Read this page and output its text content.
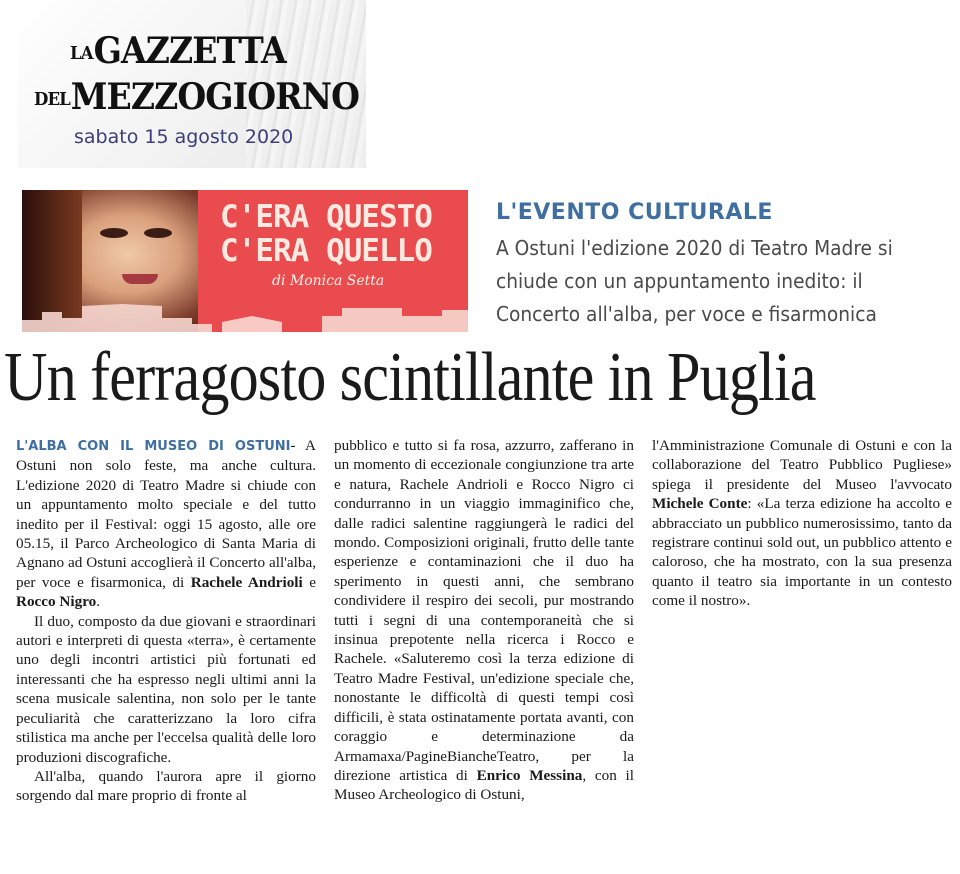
LAGAZZETTA
DELMEZZOGIORNO
sabato 15 agosto 2020
C'ERA QUESTO
C'ERA QUELLO
di Monica Setta
L'EVENTO CULTURALE
A Ostuni l'edizione 2020 di Teatro Madre si chiude con un appuntamento inedito: il Concerto all'alba, per voce e fisarmonica
Un ferragosto scintillante in Puglia

L'ALBA CON IL MUSEO DI OSTUNI- A Ostuni non solo feste, ma anche cultura. L'edizione 2020 di Teatro Madre si chiude con un appuntamento molto speciale e del tutto inedito per il Festival: oggi 15 agosto, alle ore 05.15, il Parco Archeologico di Santa Maria di Agnano ad Ostuni accoglierà il Concerto all'alba, per voce e fisarmonica, di Rachele Andrioli e Rocco Nigro.

Il duo, composto da due giovani e straordinari autori e interpreti di questa «terra», è certamente uno degli incontri artistici più fortunati ed interessanti che ha espresso negli ultimi anni la scena musicale salentina, non solo per le tante peculiarità che caratterizzano la loro cifra stilistica ma anche per l'eccelsa qualità delle loro produzioni discografiche.

All'alba, quando l'aurora apre il giorno sorgendo dal mare proprio di fronte al

pubblico e tutto si fa rosa, azzurro, zafferano in un momento di eccezionale congiunzione tra arte e natura, Rachele Andrioli e Rocco Nigro ci condurranno in un viaggio immaginifico che, dalle radici salentine raggiungerà le radici del mondo. Composizioni originali, frutto delle tante esperienze e contaminazioni che il duo ha sperimento in questi anni, che sembrano condividere il respiro dei secoli, pur mostrando tutti i segni di una contemporaneità che si insinua prepotente nella ricerca i Rocco e Rachele. «Saluteremo così la terza edizione di Teatro Madre Festival, un'edizione speciale che, nonostante le difficoltà di questi tempi così difficili, è stata ostinatamente portata avanti, con coraggio e determinazione da Armamaxa/PagineBiancheTeatro, per la direzione artistica di Enrico Messina, con il Museo Archeologico di Ostuni,

l'Amministrazione Comunale di Ostuni e con la collaborazione del Teatro Pubblico Pugliese» spiega il presidente del Museo l'avvocato Michele Conte: «La terza edizione ha accolto e abbracciato un pubblico numerosissimo, tanto da registrare continui sold out, un pubblico attento e caloroso, che ha mostrato, con la sua presenza quanto il teatro sia importante in un contesto come il nostro».
